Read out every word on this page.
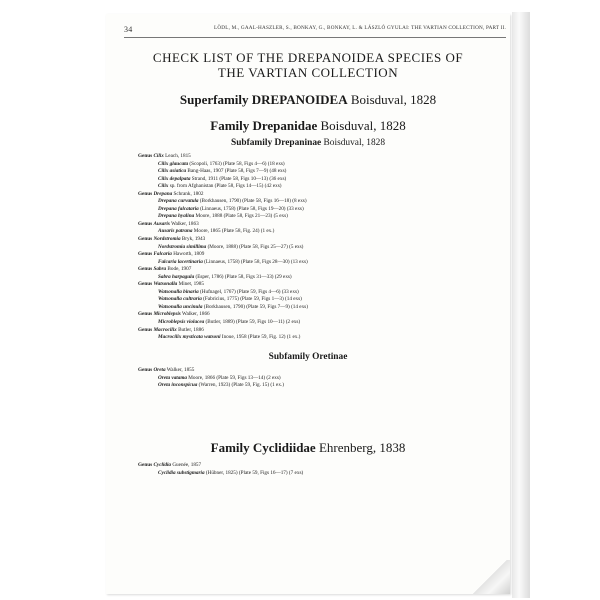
34	LÖDL, M., GAAL-HASZLER, S., BONKAY, G., BONKAY, L. & LÁSZLÓ GYULAI: THE VARTIAN COLLECTION, PART II.
CHECK LIST OF THE DREPANOIDEA SPECIES OF
THE VARTIAN COLLECTION
Superfamily DREPANOIDEA Boisduval, 1828
Family Drepanidae Boisduval, 1828
Subfamily Drepaninae Boisduval, 1828
Genus Cilix Leach, 1815
Cilix glaucata (Scopoli, 1763) (Plate 58, Figs 4—6) (18 exs)
Cilix asiatica Bang-Haas, 1907 (Plate 58, Figs 7—9) (48 exs)
Cilix depalpata Strand, 1911 (Plate 58, Figs 10—13) (36 exs)
Cilix sp. from Afghanistan (Plate 58, Figs 14—15) (42 exs)
Genus Drepana Schrank, 1802
Drepana curvatula (Borkhausen, 1790) (Plate 58, Figs 16—18) (8 exs)
Drepana falcataria (Linnaeus, 1758) (Plate 58, Figs 19—20) (33 exs)
Drepana hyalina Moore, 1888 (Plate 58, Figs 21—23) (5 exs)
Genus Ausaris Walker, 1863
Ausaris patrana Moore, 1865 (Plate 58, Fig. 24) (1 ex.)
Genus Nordstromia Bryk, 1943
Nordstromia simillima (Moore, 1888) (Plate 58, Figs 25—27) (5 exs)
Genus Falcaria Haworth, 1809
Falcaria lacertinaria (Linnaeus, 1758) (Plate 58, Figs 28—30) (13 exs)
Genus Sabra Bode, 1907
Sabra harpagula (Esper, 1786) (Plate 58, Figs 31—33) (29 exs)
Genus Watsonalla Minet, 1985
Watsonalla binaria (Hufnagel, 1767) (Plate 59, Figs 4—6) (33 exs)
Watsonalla cultraria (Fabricius, 1775) (Plate 59, Figs 1—3) (14 exs)
Watsonalla uncinula (Borkhausen, 1790) (Plate 59, Figs 7—9) (14 exs)
Genus Microblepsis Walker, 1866
Microblepsis violacea (Butler, 1889) (Plate 59, Figs 10—11) (2 exs)
Genus Macrocilix Butler, 1886
Macrocilix mysticata watsoni Inoue, 1958 (Plate 59, Fig. 12) (1 ex.)
Subfamily Oretinae
Genus Oreta Walker, 1855
Oreta vatama Moore, 1866 (Plate 59, Figs 13—14) (2 exs)
Oreta inconspicua (Warren, 1923) (Plate 59, Fig. 15) (1 ex.)
Family Cyclidiidae Ehrenberg, 1838
Genus Cyclidia Guenée, 1857
Cyclidia substigmaria (Hübner, 1825) (Plate 59, Figs 16—17) (7 exs)
